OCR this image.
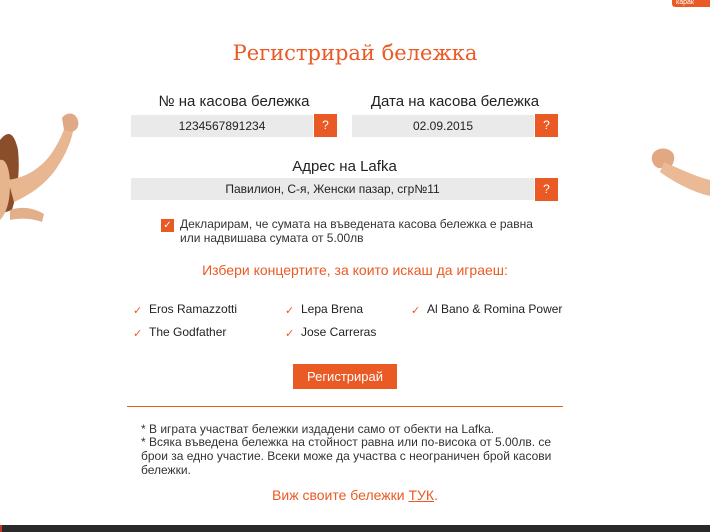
карак
Регистрирай бележка
№ на касова бележка
1234567891234	?
Дата на касова бележка
02.09.2015	?
Адрес на Lafka
Павилион, С-я, Женски пазар, сгр№11	?
✓ Декларирам, че сумата на въведената касова бележка е равна или надвишава сумата от 5.00лв
Избери концертите, за които искаш да играеш:
✓ Eros Ramazzotti	✓ Lepa Brena	✓ Al Bano & Romina Power
✓ The Godfather	✓ Jose Carreras
Регистрирай
* В играта участват бележки издадени само от обекти на Lafka.
* Всяка въведена бележка на стойност равна или по-висока от 5.00лв. се брои за едно участие. Всеки може да участва с неограничен брой касови бележки.
Виж своите бележки ТУК.
